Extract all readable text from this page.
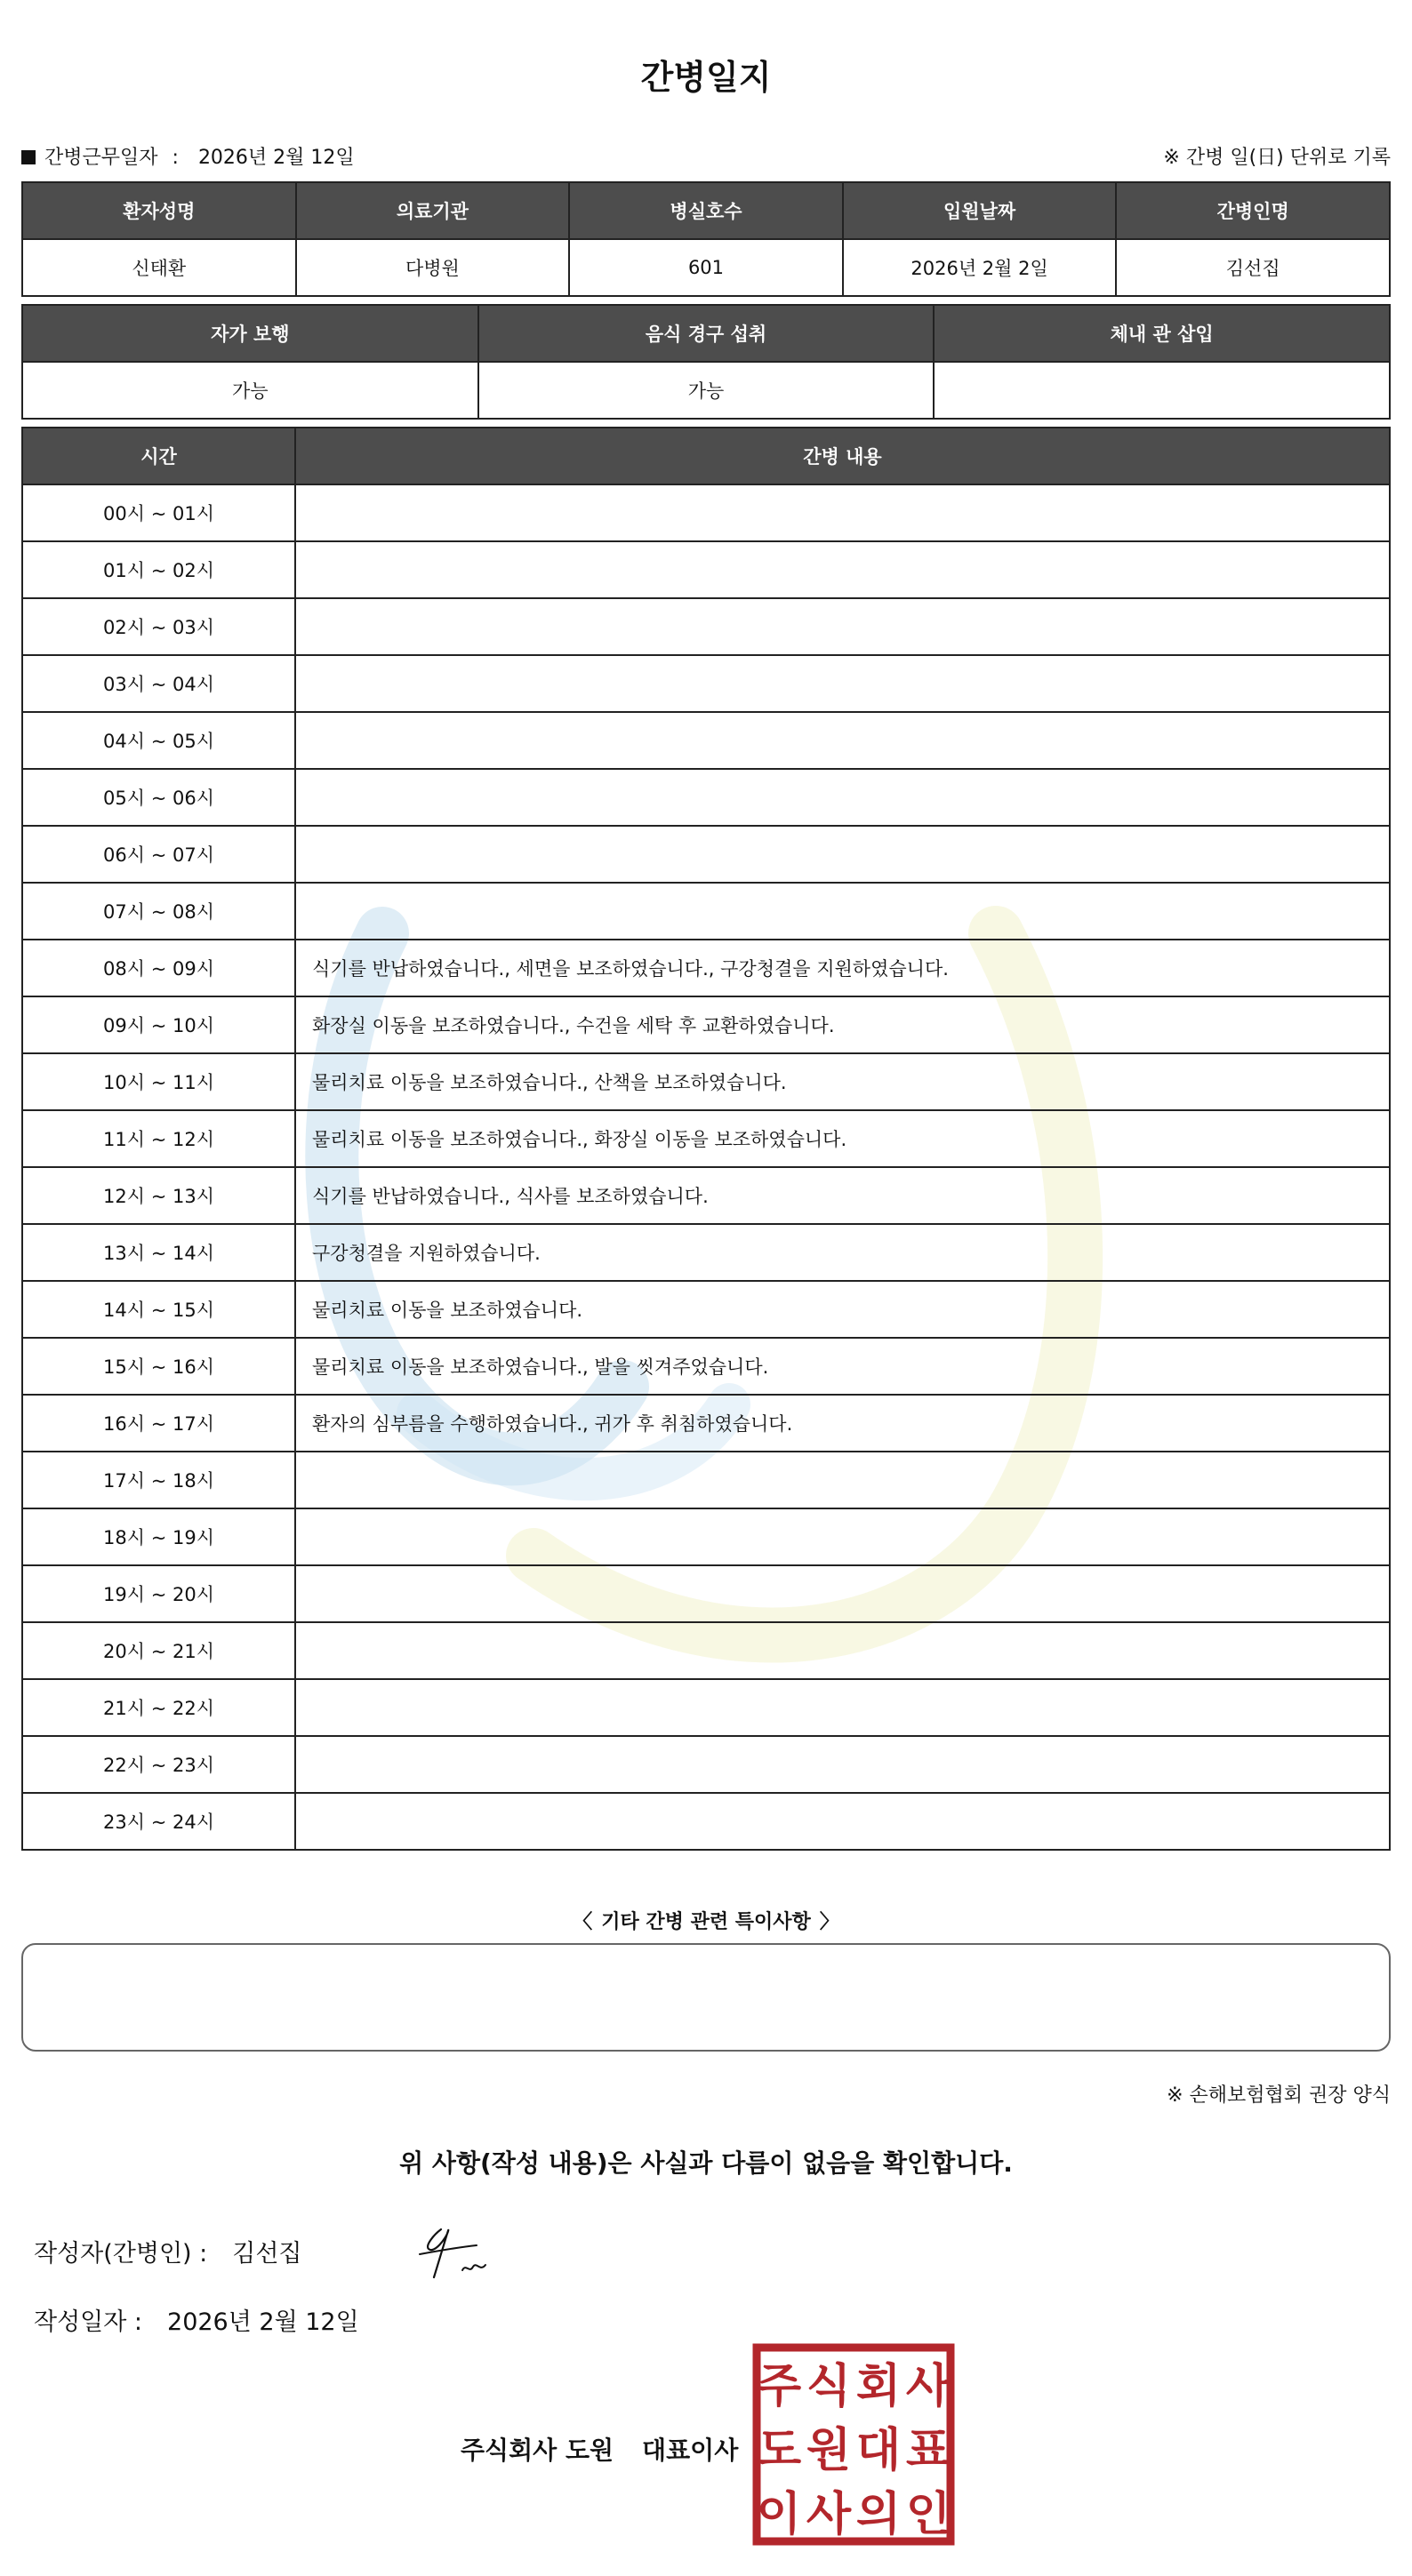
간병일지
간병근무일자 : 2026년 2월 12일	※ 간병 일(日) 단위로 기록
환자성명	의료기관	병실호수	입원날짜	간병인명
신태환	다병원	601	2026년 2월 2일	김선집
자가 보행	음식 경구 섭취	체내 관 삽입
가능	가능	
시간	간병 내용
00시 ~ 01시	
01시 ~ 02시	
02시 ~ 03시	
03시 ~ 04시	
04시 ~ 05시	
05시 ~ 06시	
06시 ~ 07시	
07시 ~ 08시	
08시 ~ 09시	식기를 반납하였습니다., 세면을 보조하였습니다., 구강청결을 지원하였습니다.
09시 ~ 10시	화장실 이동을 보조하였습니다., 수건을 세탁 후 교환하였습니다.
10시 ~ 11시	물리치료 이동을 보조하였습니다., 산책을 보조하였습니다.
11시 ~ 12시	물리치료 이동을 보조하였습니다., 화장실 이동을 보조하였습니다.
12시 ~ 13시	식기를 반납하였습니다., 식사를 보조하였습니다.
13시 ~ 14시	구강청결을 지원하였습니다.
14시 ~ 15시	물리치료 이동을 보조하였습니다.
15시 ~ 16시	물리치료 이동을 보조하였습니다., 발을 씻겨주었습니다.
16시 ~ 17시	환자의 심부름을 수행하였습니다., 귀가 후 취침하였습니다.
17시 ~ 18시	
18시 ~ 19시	
19시 ~ 20시	
20시 ~ 21시	
21시 ~ 22시	
22시 ~ 23시	
23시 ~ 24시	
〈 기타 간병 관련 특이사항 〉
※ 손해보험협회 권장 양식
위 사항(작성 내용)은 사실과 다름이 없음을 확인합니다.
작성자(간병인) : 김선집
작성일자 : 2026년 2월 12일
주식회사 도원 대표이사
주 식 회 사
도 원 대 표
이 사 의 인
